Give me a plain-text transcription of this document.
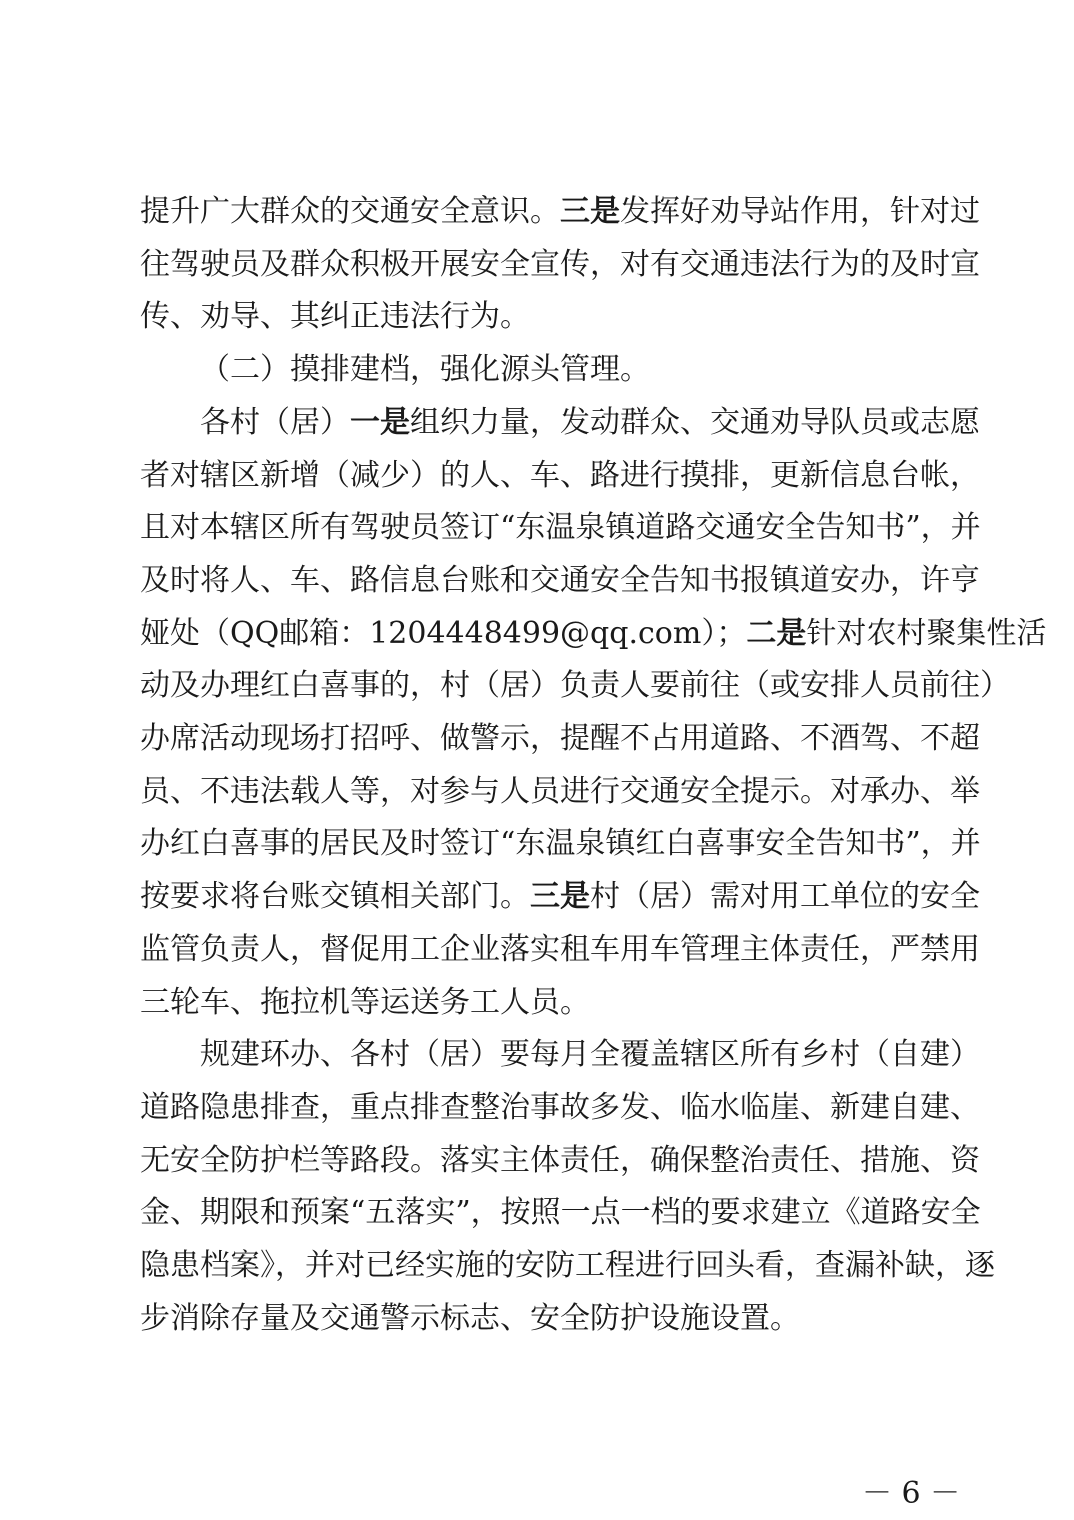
提升广大群众的交通安全意识。三是发挥好劝导站作用，针对过
往驾驶员及群众积极开展安全宣传，对有交通违法行为的及时宣
传、劝导、其纠正违法行为。
（二）摸排建档，强化源头管理。
各村（居）一是组织力量，发动群众、交通劝导队员或志愿
者对辖区新增（减少）的人、车、路进行摸排，更新信息台帐，
且对本辖区所有驾驶员签订“东温泉镇道路交通安全告知书”，并
及时将人、车、路信息台账和交通安全告知书报镇道安办，许亨
娅处（QQ邮箱：1204448499@qq.com）；二是针对农村聚集性活
动及办理红白喜事的，村（居）负责人要前往（或安排人员前往）
办席活动现场打招呼、做警示，提醒不占用道路、不酒驾、不超
员、不违法载人等，对参与人员进行交通安全提示。对承办、举
办红白喜事的居民及时签订“东温泉镇红白喜事安全告知书”，并
按要求将台账交镇相关部门。三是村（居）需对用工单位的安全
监管负责人，督促用工企业落实租车用车管理主体责任，严禁用
三轮车、拖拉机等运送务工人员。
规建环办、各村（居）要每月全覆盖辖区所有乡村（自建）
道路隐患排查，重点排查整治事故多发、临水临崖、新建自建、
无安全防护栏等路段。落实主体责任，确保整治责任、措施、资
金、期限和预案“五落实”，按照一点一档的要求建立《道路安全
隐患档案》，并对已经实施的安防工程进行回头看，查漏补缺，逐
步消除存量及交通警示标志、安全防护设施设置。
－ 6 －
